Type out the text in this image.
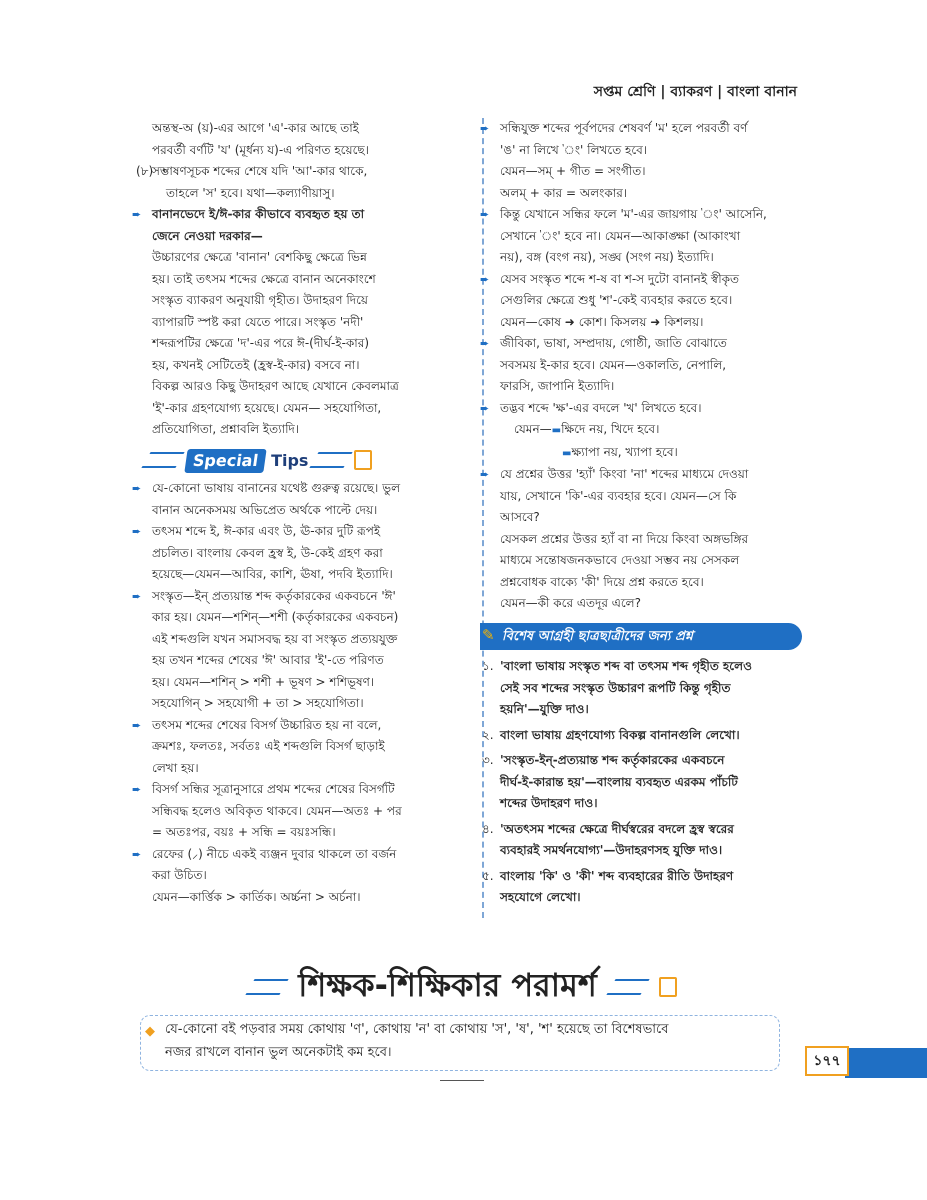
সপ্তম শ্রেণি | ব্যাকরণ | বাংলা বানান

অন্তস্থ-অ (য়)-এর আগে 'এ'-কার আছে তাই

পরবর্তী বর্ণটি 'য' (মূর্ধন্য য)-এ পরিণত হয়েছে।

(৮)
সম্ভাষণসূচক শব্দের শেষে যদি 'আ'-কার থাকে,

তাহলে 'স' হবে। যথা—কল্যাণীয়াসু।

➨ বানানভেদে ই/ঈ-কার কীভাবে ব্যবহৃত হয় তা

জেনে নেওয়া দরকার—

উচ্চারণের ক্ষেত্রে 'বানান' বেশকিছু ক্ষেত্রে ভিন্ন

হয়। তাই তৎসম শব্দের ক্ষেত্রে বানান অনেকাংশে

সংস্কৃত ব্যাকরণ অনুযায়ী গৃহীত। উদাহরণ দিয়ে

ব্যাপারটি স্পষ্ট করা যেতে পারে। সংস্কৃত 'নদী'

শব্দরূপটির ক্ষেত্রে 'দ'-এর পরে ঈ-(দীর্ঘ-ই-কার)

হয়, কখনই সেটিতেই (হ্রস্ব-ই-কার) বসবে না।

বিকল্প আরও কিছু উদাহরণ আছে যেখানে কেবলমাত্র

'ই'-কার গ্রহণযোগ্য হয়েছে। যেমন— সহযোগিতা,

প্রতিযোগিতা, প্রশ্নাবলি ইত্যাদি।

Special Tips

➨ যে-কোনো ভাষায় বানানের যথেষ্ট গুরুত্ব রয়েছে। ভুল

বানান অনেকসময় অভিপ্রেত অর্থকে পাল্টে দেয়।

➨ তৎসম শব্দে ই, ঈ-কার এবং উ, ঊ-কার দুটি রূপই

প্রচলিত। বাংলায় কেবল হ্রস্ব ই, উ-কেই গ্রহণ করা

হয়েছে—যেমন—আবির, কাশি, ঊষা, পদবি ইত্যাদি।

➨ সংস্কৃত—ইন্ প্রত্যয়ান্ত শব্দ কর্তৃকারকের একবচনে 'ঈ'

কার হয়। যেমন—শশিন্—শশী (কর্তৃকারকের একবচন)

এই শব্দগুলি যখন সমাসবদ্ধ হয় বা সংস্কৃত প্রত্যয়যুক্ত

হয় তখন শব্দের শেষের 'ঈ' আবার 'ই'-তে পরিণত

হয়। যেমন—শশিন্ > শশী + ভূষণ > শশিভূষণ।

সহযোগিন্ > সহযোগী + তা > সহযোগিতা।

➨ তৎসম শব্দের শেষের বিসর্গ উচ্চারিত হয় না বলে,

ক্রমশঃ, ফলতঃ, সর্বতঃ এই শব্দগুলি বিসর্গ ছাড়াই

লেখা হয়।

➨ বিসর্গ সন্ধির সূত্রানুসারে প্রথম শব্দের শেষের বিসর্গটি

সন্ধিবদ্ধ হলেও অবিকৃত থাকবে। যেমন—অতঃ + পর

= অতঃপর, বয়ঃ + সন্ধি = বয়ঃসন্ধি।

➨ রেফের (⸝) নীচে একই ব্যঞ্জন দুবার থাকলে তা বর্জন

করা উচিত।

যেমন—কার্ত্তিক > কার্তিক। অর্চ্চনা > অর্চনা।

➨ সন্ধিযুক্ত শব্দের পূর্বপদের শেষবর্ণ 'ম' হলে পরবর্তী বর্ণ

'ঙ' না লিখে 'ং' লিখতে হবে।

যেমন—সম্ + গীত = সংগীত।

অলম্ + কার = অলংকার।

➨ কিন্তু যেখানে সন্ধির ফলে 'ম'-এর জায়গায় 'ং' আসেনি,

সেখানে 'ং' হবে না। যেমন—আকাঙ্ক্ষা (আকাংখা

নয়), বঙ্গ (বংগ নয়), সঙ্ঘ (সংগ নয়) ইত্যাদি।

➨ যেসব সংস্কৃত শব্দে শ-ষ বা শ-স দুটো বানানই স্বীকৃত

সেগুলির ক্ষেত্রে শুধু 'শ'-কেই ব্যবহার করতে হবে।

যেমন—কোষ ➜ কোশ। কিসলয় ➜ কিশলয়।

➨ জীবিকা, ভাষা, সম্প্রদায়, গোষ্ঠী, জাতি বোঝাতে

সবসময় ই-কার হবে। যেমন—ওকালতি, নেপালি,

ফারসি, জাপানি ইত্যাদি।

➨ তদ্ভব শব্দে 'ক্ষ'-এর বদলে 'খ' লিখতে হবে।

যেমন—▬ক্ষিদে নয়, খিদে হবে।

▬ক্ষ্যাপা নয়, খ্যাপা হবে।

➨ যে প্রশ্নের উত্তর 'হ্যাঁ' কিংবা 'না' শব্দের মাধ্যমে দেওয়া

যায়, সেখানে 'কি'-এর ব্যবহার হবে। যেমন—সে কি

আসবে?

যেসকল প্রশ্নের উত্তর হ্যাঁ বা না দিয়ে কিংবা অঙ্গভঙ্গির

মাধ্যমে সন্তোষজনকভাবে দেওয়া সম্ভব নয় সেসকল

প্রশ্নবোধক বাক্যে 'কী' দিয়ে প্রশ্ন করতে হবে।

যেমন—কী করে এতদূর এলে?

✎ বিশেষ আগ্রহী ছাত্রছাত্রীদের জন্য প্রশ্ন
১. 'বাংলা ভাষায় সংস্কৃত শব্দ বা তৎসম শব্দ গৃহীত হলেও

সেই সব শব্দের সংস্কৃত উচ্চারণ রূপটি কিন্তু গৃহীত

হয়নি'—যুক্তি দাও।

২. বাংলা ভাষায় গ্রহণযোগ্য বিকল্প বানানগুলি লেখো।

৩. 'সংস্কৃত-ইন্-প্রত্যয়ান্ত শব্দ কর্তৃকারকের একবচনে

দীর্ঘ-ই-কারান্ত হয়'—বাংলায় ব্যবহৃত এরকম পাঁচটি

শব্দের উদাহরণ দাও।

৪. 'অতৎসম শব্দের ক্ষেত্রে দীর্ঘস্বরের বদলে হ্রস্ব স্বরের

ব্যবহারই সমর্থনযোগ্য'—উদাহরণসহ যুক্তি দাও।

৫. বাংলায় 'কি' ও 'কী' শব্দ ব্যবহারের রীতি উদাহরণ

সহযোগে লেখো।

শিক্ষক-শিক্ষিকার পরামর্শ
◆ যে-কোনো বই পড়বার সময় কোথায় 'ণ', কোথায় 'ন' বা কোথায় 'স', 'ষ', 'শ' হয়েছে তা বিশেষভাবে
নজর রাখলে বানান ভুল অনেকটাই কম হবে।
১৭৭
